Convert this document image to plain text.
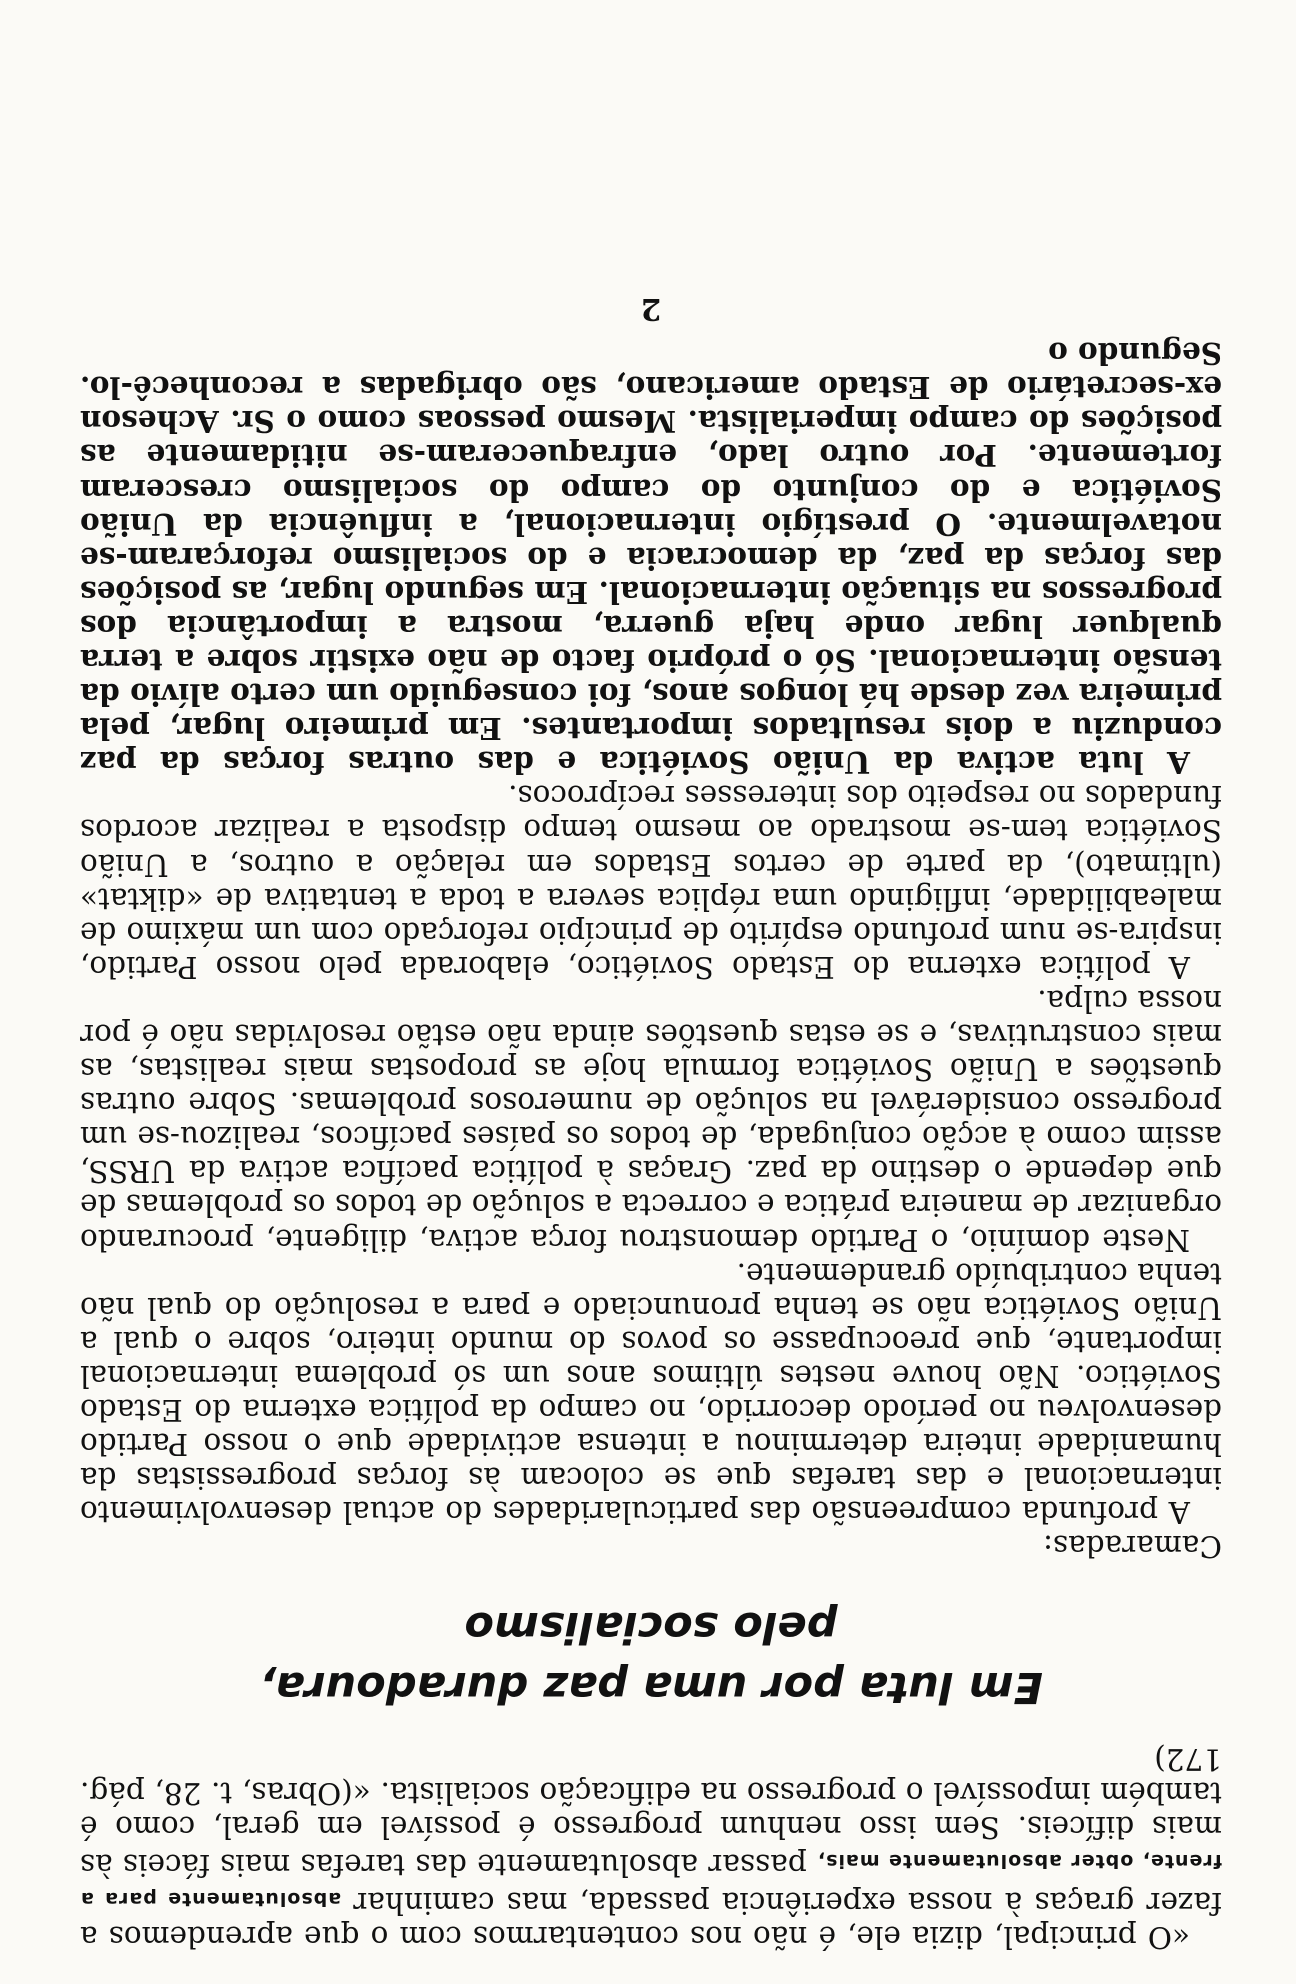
«O principal, dizia ele, é não nos contentarmos com o que aprendemos a fazer graças à nossa experiência passada, mas caminhar absolutamente para a frente, obter absolutamente mais, passar absolutamente das tarefas mais fáceis às mais difíceis. Sem isso nenhum progresso é possível em geral, como é também impossível o progresso na edificação socialista. «(Obras, t. 28, pág. 172)

Em luta por uma paz duradoura,
pelo socialismo

Camaradas:

A profunda compreensão das particularidades do actual desenvolvimento internacional e das tarefas que se colocam às forças progressistas da humanidade inteira determinou a intensa actividade que o nosso Partido desenvolveu no período decorrido, no campo da política externa do Estado Soviético. Não houve nestes últimos anos um só problema internacional importante, que preocupasse os povos do mundo inteiro, sobre o qual a União Soviética não se tenha pronunciado e para a resolução do qual não tenha contribuído grandemente.

Neste domínio, o Partido demonstrou força activa, diligente, procurando organizar de maneira prática e correcta a solução de todos os problemas de que depende o destino da paz. Graças à política pacífica activa da URSS, assim como à acção conjugada, de todos os países pacíficos, realizou-se um progresso considerável na solução de numerosos problemas. Sobre outras questões a União Soviética formula hoje as propostas mais realistas, as mais construtivas, e se estas questões ainda não estão resolvidas não é por nossa culpa.

A política externa do Estado Soviético, elaborada pelo nosso Partido, inspira-se num profundo espírito de princípio reforçado com um máximo de maleabilidade, infligindo uma réplica severa a toda a tentativa de «diktat» (ultimato), da parte de certos Estados em relação a outros, a União Soviética tem-se mostrado ao mesmo tempo disposta a realizar acordos fundados no respeito dos interesses recíprocos.

A luta activa da União Soviética e das outras forças da paz conduziu a dois resultados importantes. Em primeiro lugar, pela primeira vez desde há longos anos, foi conseguido um certo alívio da tensão internacional. Só o próprio facto de não existir sobre a terra qualquer lugar onde haja guerra, mostra a importância dos progressos na situação internacional. Em segundo lugar, as posições das forças da paz, da democracia e do socialismo reforçaram-se notavelmente. O prestígio internacional, a influência da União Soviética e do conjunto do campo do socialismo cresceram fortemente. Por outro lado, enfraqueceram-se nitidamente as posições do campo imperialista. Mesmo pessoas como o Sr. Acheson ex-secretário de Estado americano, são obrigadas a reconhecê-lo. Segundo o

2
